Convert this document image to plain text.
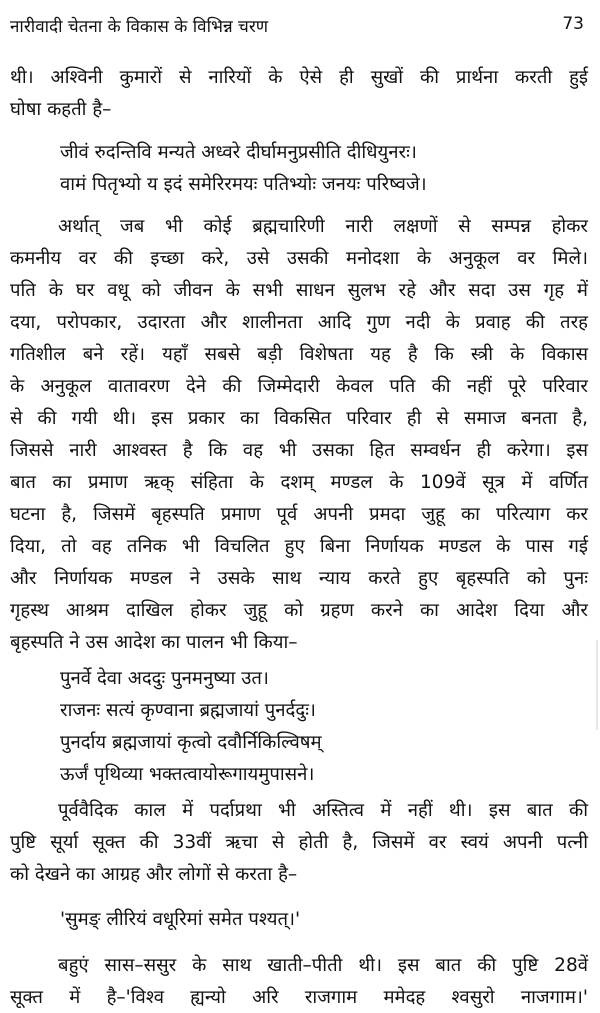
नारीवादी चेतना के विकास के विभिन्न चरण	73
थी। अश्विनी कुमारों से नारियों के ऐसे ही सुखों की प्रार्थना करती हुई
घोषा कहती है–
जीवं रुदन्तिवि मन्यते अध्वरे दीर्घामनुप्रसीति दीधियुनरः।
वामं पितृभ्यो य इदं समेरिरमयः पतिभ्योः जनयः परिष्वजे।
अर्थात् जब भी कोई ब्रह्मचारिणी नारी लक्षणों से सम्पन्न होकर
कमनीय वर की इच्छा करे, उसे उसकी मनोदशा के अनुकूल वर मिले।
पति के घर वधू को जीवन के सभी साधन सुलभ रहे और सदा उस गृह में
दया, परोपकार, उदारता और शालीनता आदि गुण नदी के प्रवाह की तरह
गतिशील बने रहें। यहाँ सबसे बड़ी विशेषता यह है कि स्त्री के विकास
के अनुकूल वातावरण देने की जिम्मेदारी केवल पति की नहीं पूरे परिवार
से की गयी थी। इस प्रकार का विकसित परिवार ही से समाज बनता है,
जिससे नारी आश्वस्त है कि वह भी उसका हित सम्वर्धन ही करेगा। इस
बात का प्रमाण ऋक् संहिता के दशम् मण्डल के 109वें सूत्र में वर्णित
घटना है, जिसमें बृहस्पति प्रमाण पूर्व अपनी प्रमदा जुहू का परित्याग कर
दिया, तो वह तनिक भी विचलित हुए बिना निर्णायक मण्डल के पास गई
और निर्णायक मण्डल ने उसके साथ न्याय करते हुए बृहस्पति को पुनः
गृहस्थ आश्रम दाखिल होकर जुहू को ग्रहण करने का आदेश दिया और
बृहस्पति ने उस आदेश का पालन भी किया–
पुनर्वे देवा अददुः पुनमनुष्या उत।
राजनः सत्यं कृण्वाना ब्रह्मजायां पुनर्ददुः।
पुनर्दाय ब्रह्मजायां कृत्वो दवौर्निकिल्विषम्
ऊर्जं पृथिव्या भक्तत्वायोरूगायमुपासने।
पूर्ववैदिक काल में पर्दाप्रथा भी अस्तित्व में नहीं थी। इस बात की
पुष्टि सूर्या सूक्त की 33वीं ऋचा से होती है, जिसमें वर स्वयं अपनी पत्नी
को देखने का आग्रह और लोगों से करता है–
'सुमङ् लीरियं वधूरिमां समेत पश्यत्।'
बहुएं सास–ससुर के साथ खाती–पीती थी। इस बात की पुष्टि 28वें
सूक्त में है–'विश्व ह्यन्यो अरि राजगाम ममेदह श्वसुरो नाजगाम।'
